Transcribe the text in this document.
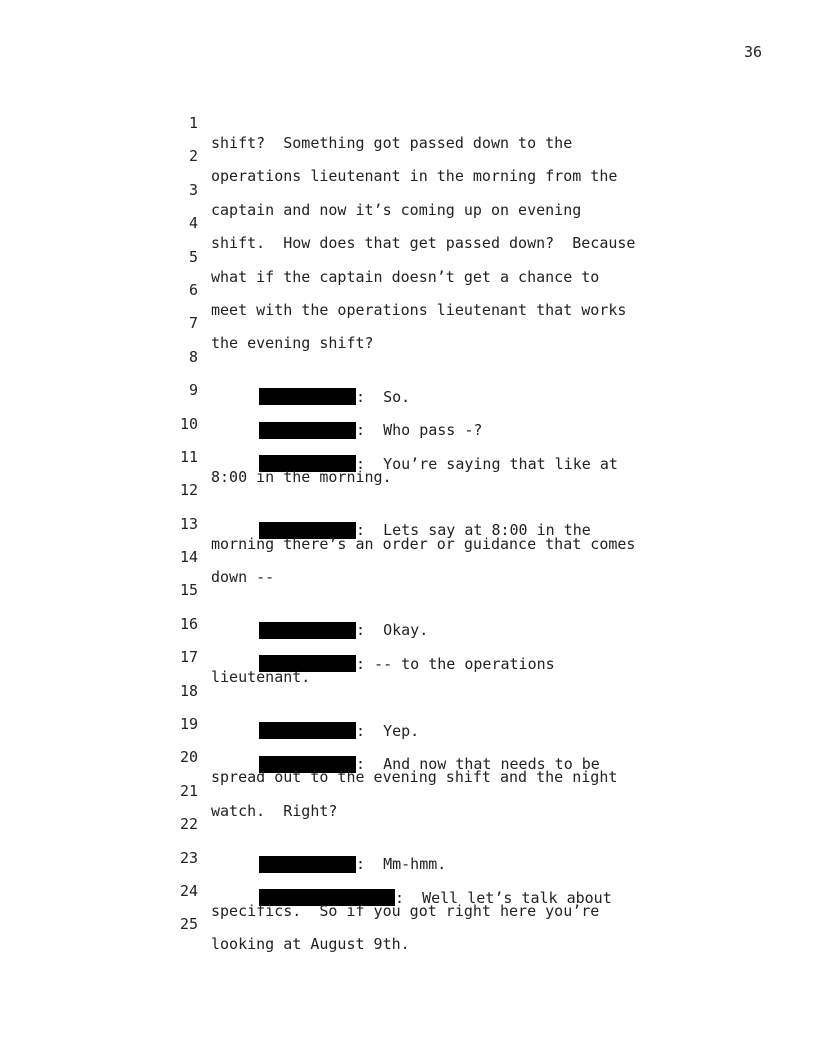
36

1

shift?  Something got passed down to the

2

operations lieutenant in the morning from the

3

captain and now it’s coming up on evening

4

shift.  How does that get passed down?  Because

5

what if the captain doesn’t get a chance to

6

meet with the operations lieutenant that works

7

the evening shift?

8

:  So.

9

:  Who pass -?

10

:  You’re saying that like at

11

8:00 in the morning.

12

:  Lets say at 8:00 in the

13

morning there’s an order or guidance that comes

14

down --

15

:  Okay.

16

: -- to the operations

17

lieutenant.

18

:  Yep.

19

:  And now that needs to be

20

spread out to the evening shift and the night

21

watch.  Right?

22

:  Mm-hmm.

23

:  Well let’s talk about

24

specifics.  So if you got right here you’re

25

looking at August 9th.
